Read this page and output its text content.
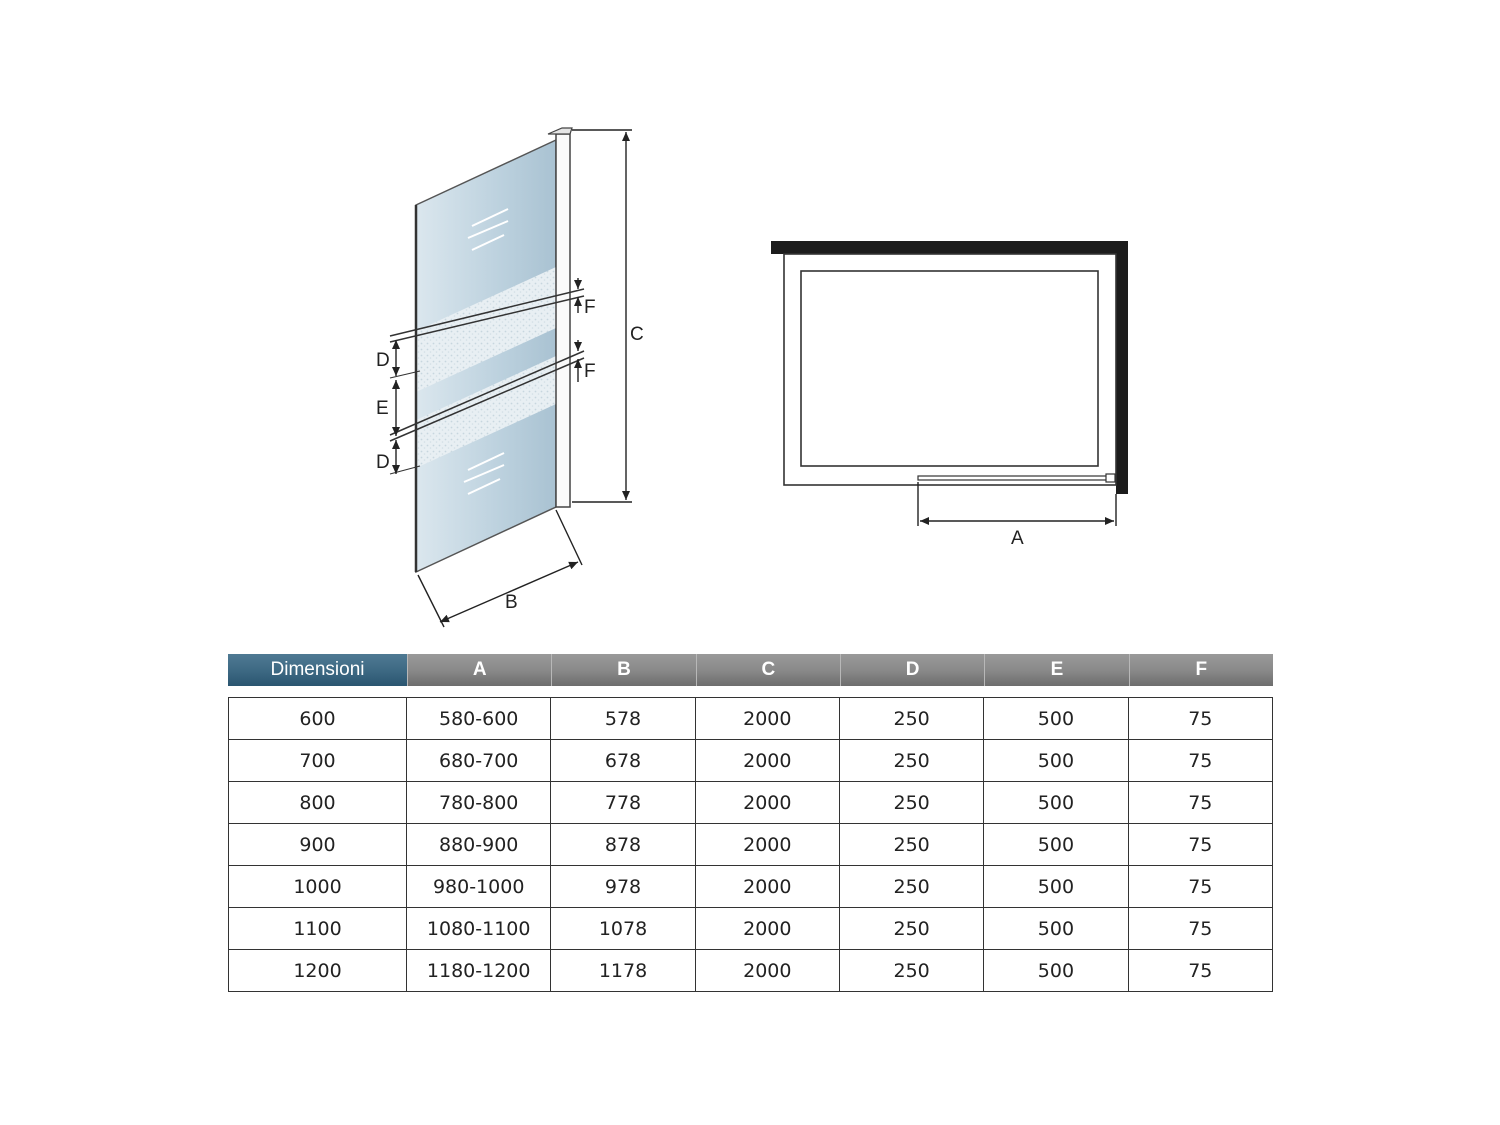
C
B
D
E
D
F
F
A
Dimensioni	A	B	C	D	E	F

600	580-600	578	2000	250	500	75
700	680-700	678	2000	250	500	75
800	780-800	778	2000	250	500	75
900	880-900	878	2000	250	500	75
1000	980-1000	978	2000	250	500	75
1100	1080-1100	1078	2000	250	500	75
1200	1180-1200	1178	2000	250	500	75
